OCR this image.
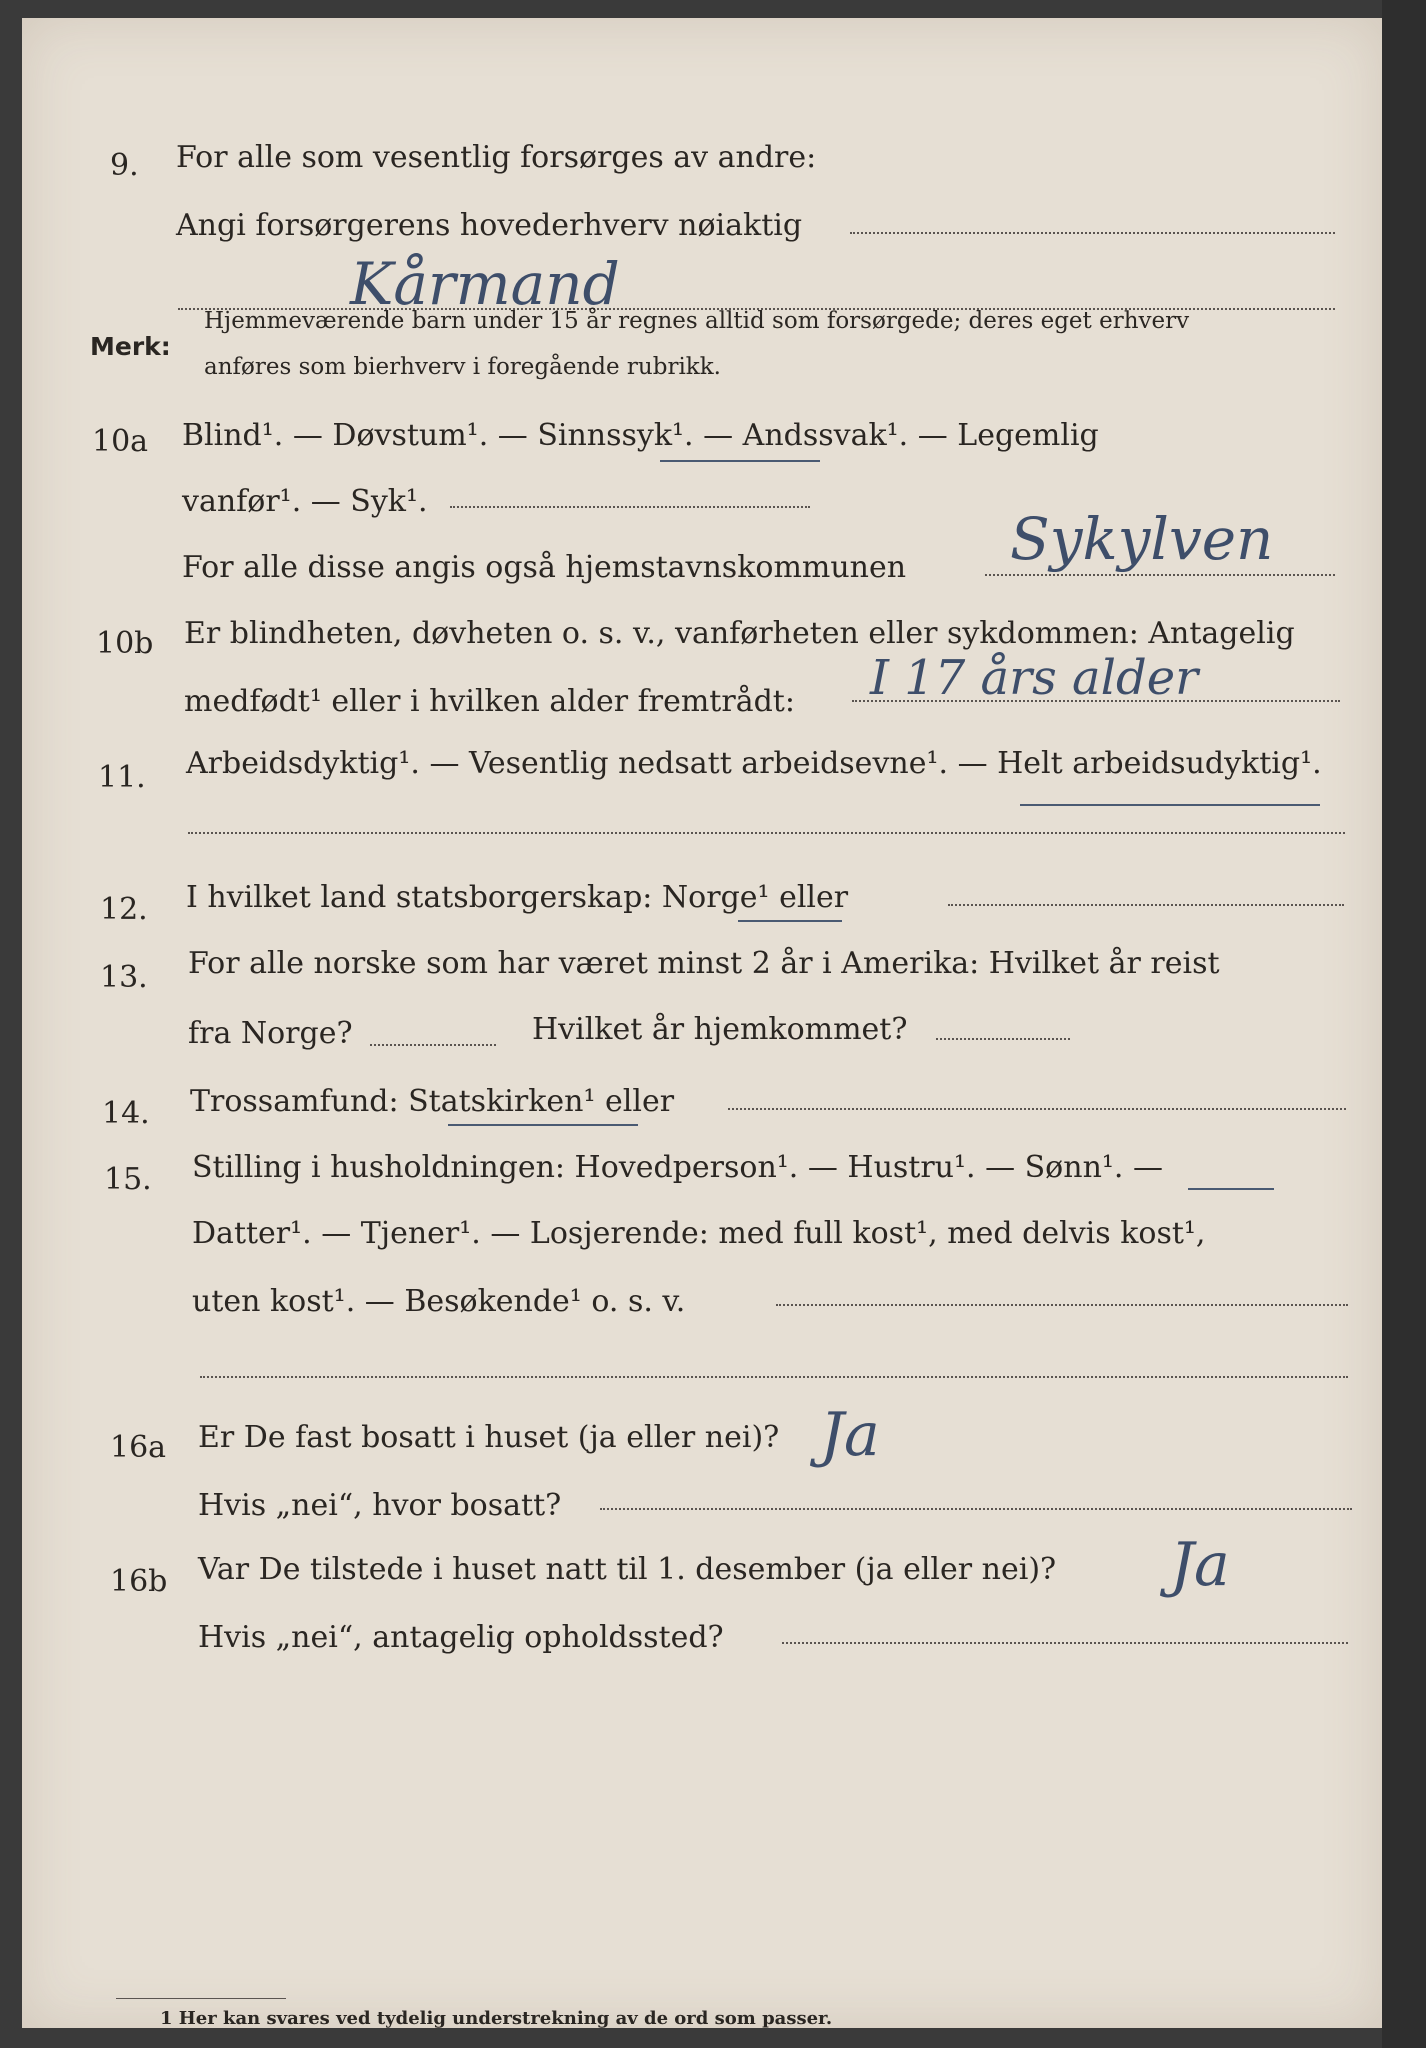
9. For alle som vesentlig forsørges av andre:
Angi forsørgerens hovederhverv nøiaktig
Kårmand
Merk:
Hjemmeværende barn under 15 år regnes alltid som forsørgede; deres eget erhverv
anføres som bierhverv i foregående rubrikk.
10a Blind¹. — Døvstum¹. — Sinnssyk¹. — Andssvak¹. — Legemlig
vanfør¹. — Syk¹.
For alle disse angis også hjemstavnskommunen Sykylven
10b Er blindheten, døvheten o. s. v., vanførheten eller sykdommen: Antagelig
medfødt¹ eller i hvilken alder fremtrådt: I 17 års alder
11. Arbeidsdyktig¹. — Vesentlig nedsatt arbeidsevne¹. — Helt arbeidsudyktig¹.
12. I hvilket land statsborgerskap: Norge¹ eller
13. For alle norske som har været minst 2 år i Amerika: Hvilket år reist
fra Norge?	Hvilket år hjemkommet?
14. Trossamfund: Statskirken¹ eller
15. Stilling i husholdningen: Hovedperson¹. — Hustru¹. — Sønn¹. —
Datter¹. — Tjener¹. — Losjerende: med full kost¹, med delvis kost¹,
uten kost¹. — Besøkende¹ o. s. v.
16a Er De fast bosatt i huset (ja eller nei)? Ja
Hvis „nei“, hvor bosatt?
16b Var De tilstede i huset natt til 1. desember (ja eller nei)? Ja
Hvis „nei“, antagelig opholdssted?
1 Her kan svares ved tydelig understrekning av de ord som passer.
